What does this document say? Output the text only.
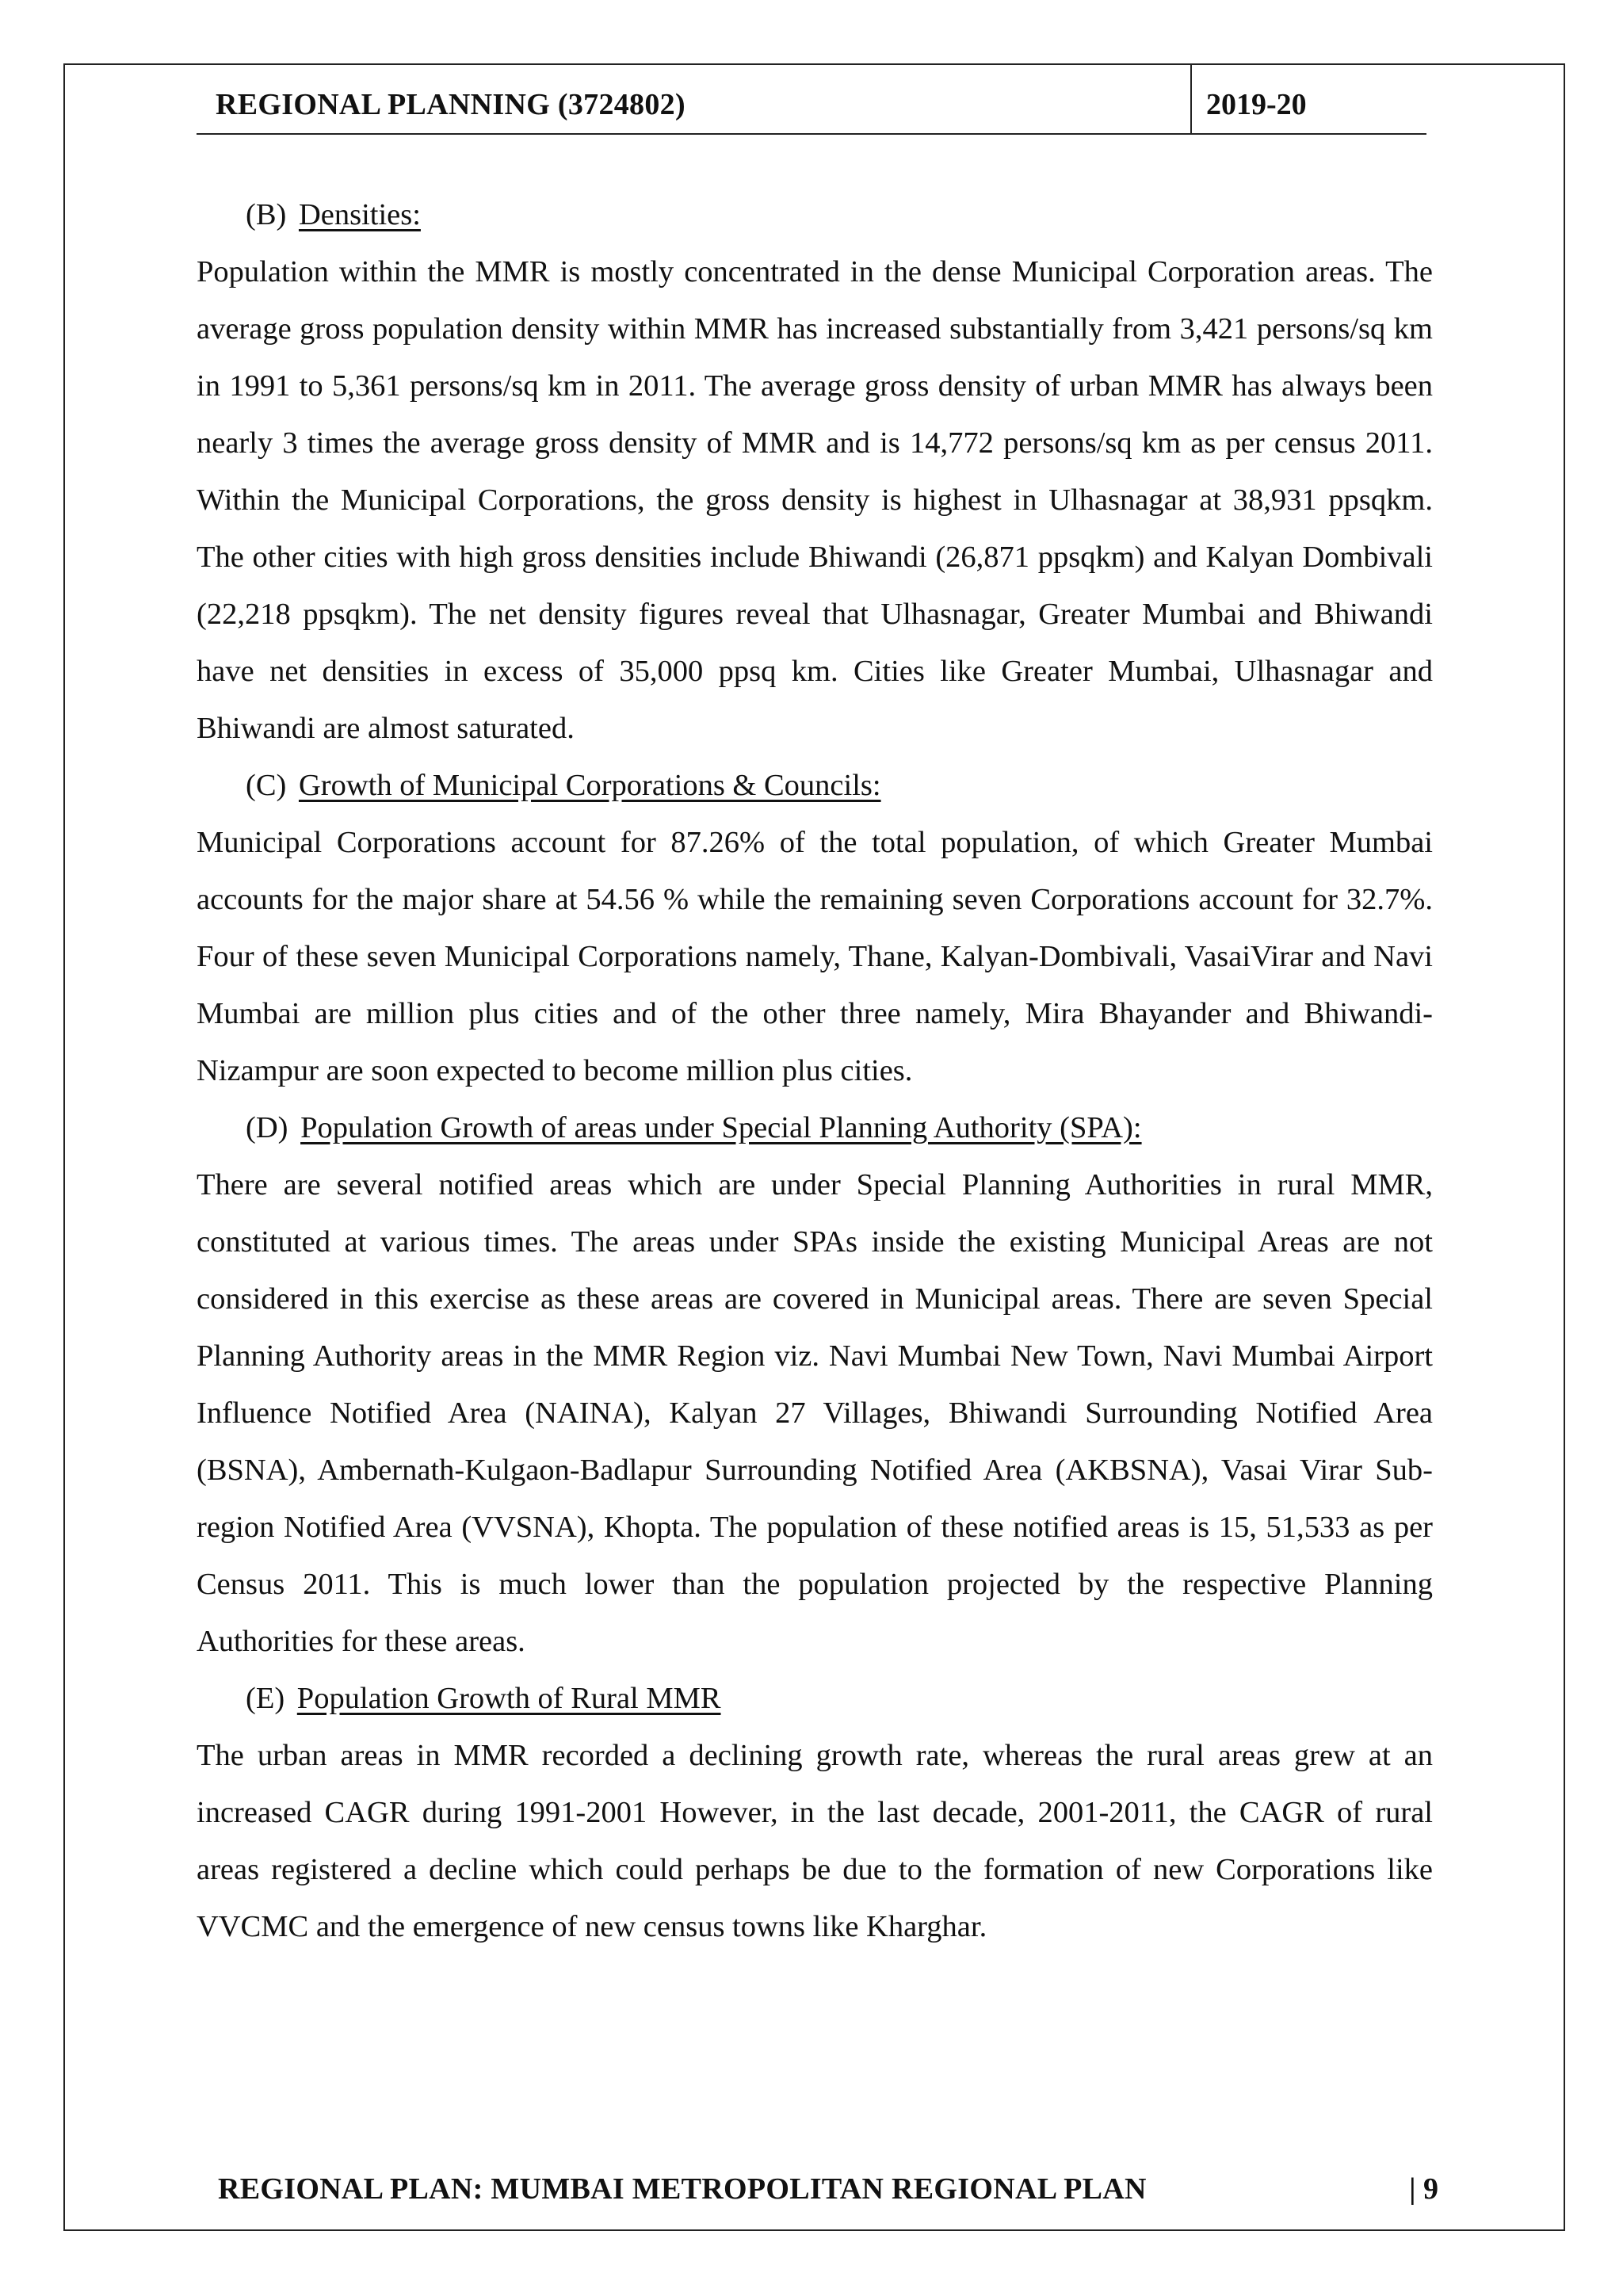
REGIONAL PLANNING (3724802)	2019-20

(B) Densities:

Population within the MMR is mostly concentrated in the dense Municipal Corporation areas. The average gross population density within MMR has increased substantially from 3,421 persons/sq km in 1991 to 5,361 persons/sq km in 2011. The average gross density of urban MMR has always been nearly 3 times the average gross density of MMR and is 14,772 persons/sq km as per census 2011. Within the Municipal Corporations, the gross density is highest in Ulhasnagar at 38,931 ppsqkm. The other cities with high gross densities include Bhiwandi (26,871 ppsqkm) and Kalyan Dombivali (22,218 ppsqkm). The net density figures reveal that Ulhasnagar, Greater Mumbai and Bhiwandi have net densities in excess of 35,000 ppsq km. Cities like Greater Mumbai, Ulhasnagar and Bhiwandi are almost saturated.

(C) Growth of Municipal Corporations & Councils:

Municipal Corporations account for 87.26% of the total population, of which Greater Mumbai accounts for the major share at 54.56 % while the remaining seven Corporations account for 32.7%. Four of these seven Municipal Corporations namely, Thane, Kalyan-Dombivali, VasaiVirar and Navi Mumbai are million plus cities and of the other three namely, Mira Bhayander and Bhiwandi-Nizampur are soon expected to become million plus cities.

(D) Population Growth of areas under Special Planning Authority (SPA):

There are several notified areas which are under Special Planning Authorities in rural MMR, constituted at various times. The areas under SPAs inside the existing Municipal Areas are not considered in this exercise as these areas are covered in Municipal areas. There are seven Special Planning Authority areas in the MMR Region viz. Navi Mumbai New Town, Navi Mumbai Airport Influence Notified Area (NAINA), Kalyan 27 Villages, Bhiwandi Surrounding Notified Area (BSNA), Ambernath-Kulgaon-Badlapur Surrounding Notified Area (AKBSNA), Vasai Virar Sub-region Notified Area (VVSNA), Khopta. The population of these notified areas is 15, 51,533 as per Census 2011. This is much lower than the population projected by the respective Planning Authorities for these areas.

(E) Population Growth of Rural MMR

The urban areas in MMR recorded a declining growth rate, whereas the rural areas grew at an increased CAGR during 1991-2001 However, in the last decade, 2001-2011, the CAGR of rural areas registered a decline which could perhaps be due to the formation of new Corporations like VVCMC and the emergence of new census towns like Kharghar.

REGIONAL PLAN: MUMBAI METROPOLITAN REGIONAL PLAN	| 9
